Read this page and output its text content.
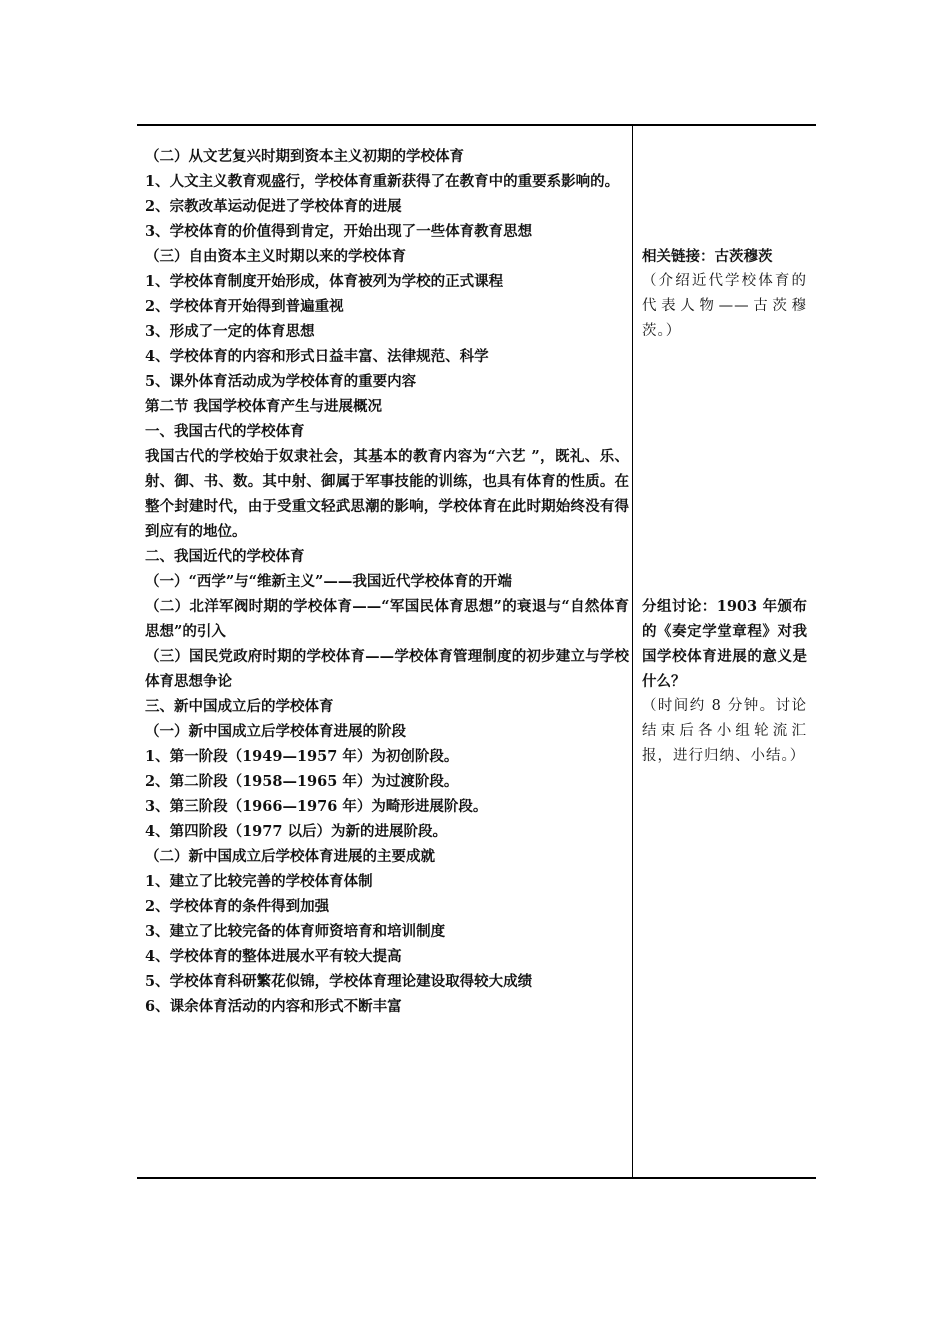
（二）从文艺复兴时期到资本主义初期的学校体育
1、人文主义教育观盛行，学校体育重新获得了在教育中的重要系影响的。
2、宗教改革运动促进了学校体育的进展
3、学校体育的价值得到肯定，开始出现了一些体育教育思想
（三）自由资本主义时期以来的学校体育
1、学校体育制度开始形成，体育被列为学校的正式课程
2、学校体育开始得到普遍重视
3、形成了一定的体育思想
4、学校体育的内容和形式日益丰富、法律规范、科学
5、课外体育活动成为学校体育的重要内容
第二节 我国学校体育产生与进展概况
一、我国古代的学校体育
我国古代的学校始于奴隶社会，其基本的教育内容为“六艺 ”，既礼、乐、射、御、书、数。其中射、御属于军事技能的训练，也具有体育的性质。在整个封建时代，由于受重文轻武思潮的影响，学校体育在此时期始终没有得到应有的地位。
二、我国近代的学校体育
（一）“西学”与“维新主义”——我国近代学校体育的开端
（二）北洋军阀时期的学校体育——“军国民体育思想”的衰退与“自然体育思想”的引入
（三）国民党政府时期的学校体育——学校体育管理制度的初步建立与学校体育思想争论
三、新中国成立后的学校体育
（一）新中国成立后学校体育进展的阶段
1、第一阶段（1949—1957 年）为初创阶段。
2、第二阶段（1958—1965 年）为过渡阶段。
3、第三阶段（1966—1976 年）为畸形进展阶段。
4、第四阶段（1977 以后）为新的进展阶段。
（二）新中国成立后学校体育进展的主要成就
1、建立了比较完善的学校体育体制
2、学校体育的条件得到加强
3、建立了比较完备的体育师资培育和培训制度
4、学校体育的整体进展水平有较大提高
5、学校体育科研繁花似锦，学校体育理论建设取得较大成绩
6、课余体育活动的内容和形式不断丰富
相关链接：古茨穆茨
（介绍近代学校体育的代表人物——古茨穆茨。）
分组讨论：1903 年颁布的《奏定学堂章程》对我国学校体育进展的意义是什么？
（时间约 8 分钟。讨论结束后各小组轮流汇报，进行归纳、小结。）
